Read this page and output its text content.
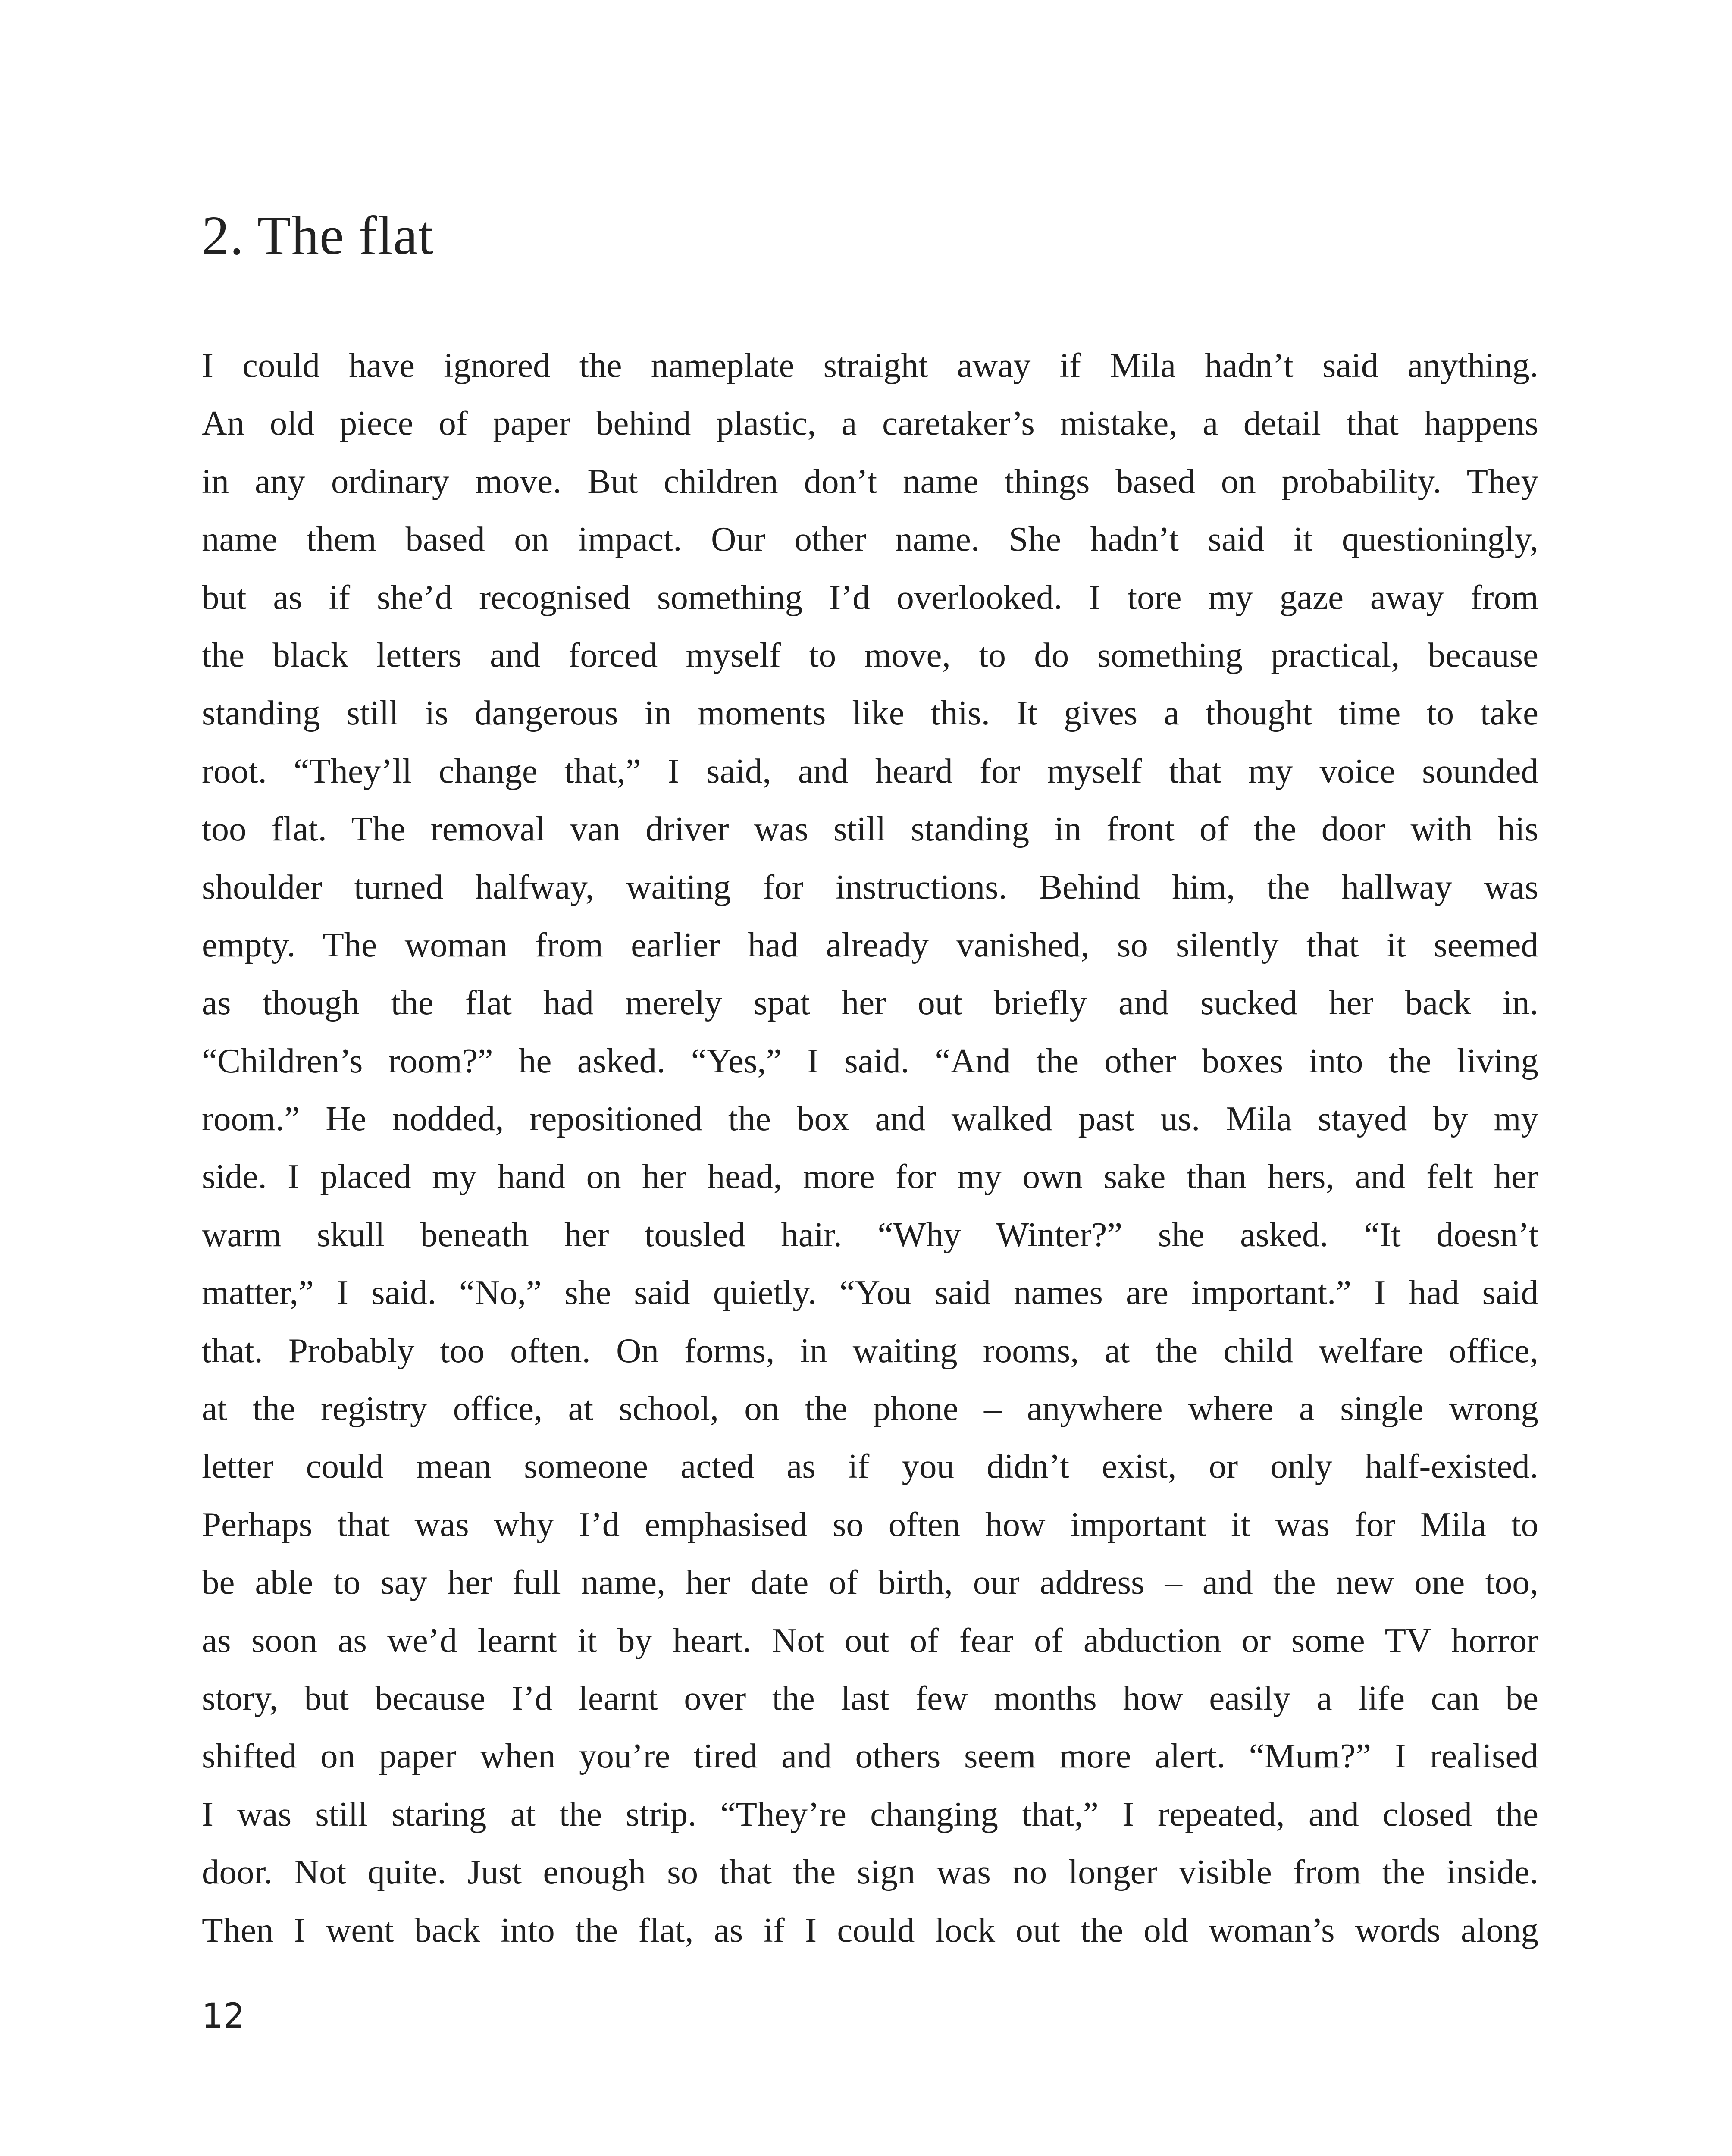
2. The flat
I could have ignored the nameplate straight away if Mila hadn’t said anything.
An old piece of paper behind plastic, a caretaker’s mistake, a detail that happens
in any ordinary move. But children don’t name things based on probability. They
name them based on impact. Our other name. She hadn’t said it questioningly,
but as if she’d recognised something I’d overlooked. I tore my gaze away from
the black letters and forced myself to move, to do something practical, because
standing still is dangerous in moments like this. It gives a thought time to take
root. “They’ll change that,” I said, and heard for myself that my voice sounded
too flat. The removal van driver was still standing in front of the door with his
shoulder turned halfway, waiting for instructions. Behind him, the hallway was
empty. The woman from earlier had already vanished, so silently that it seemed
as though the flat had merely spat her out briefly and sucked her back in.
“Children’s room?” he asked. “Yes,” I said. “And the other boxes into the living
room.” He nodded, repositioned the box and walked past us. Mila stayed by my
side. I placed my hand on her head, more for my own sake than hers, and felt her
warm skull beneath her tousled hair. “Why Winter?” she asked. “It doesn’t
matter,” I said. “No,” she said quietly. “You said names are important.” I had said
that. Probably too often. On forms, in waiting rooms, at the child welfare office,
at the registry office, at school, on the phone – anywhere where a single wrong
letter could mean someone acted as if you didn’t exist, or only half-existed.
Perhaps that was why I’d emphasised so often how important it was for Mila to
be able to say her full name, her date of birth, our address – and the new one too,
as soon as we’d learnt it by heart. Not out of fear of abduction or some TV horror
story, but because I’d learnt over the last few months how easily a life can be
shifted on paper when you’re tired and others seem more alert. “Mum?” I realised
I was still staring at the strip. “They’re changing that,” I repeated, and closed the
door. Not quite. Just enough so that the sign was no longer visible from the inside.
Then I went back into the flat, as if I could lock out the old woman’s words along
12
